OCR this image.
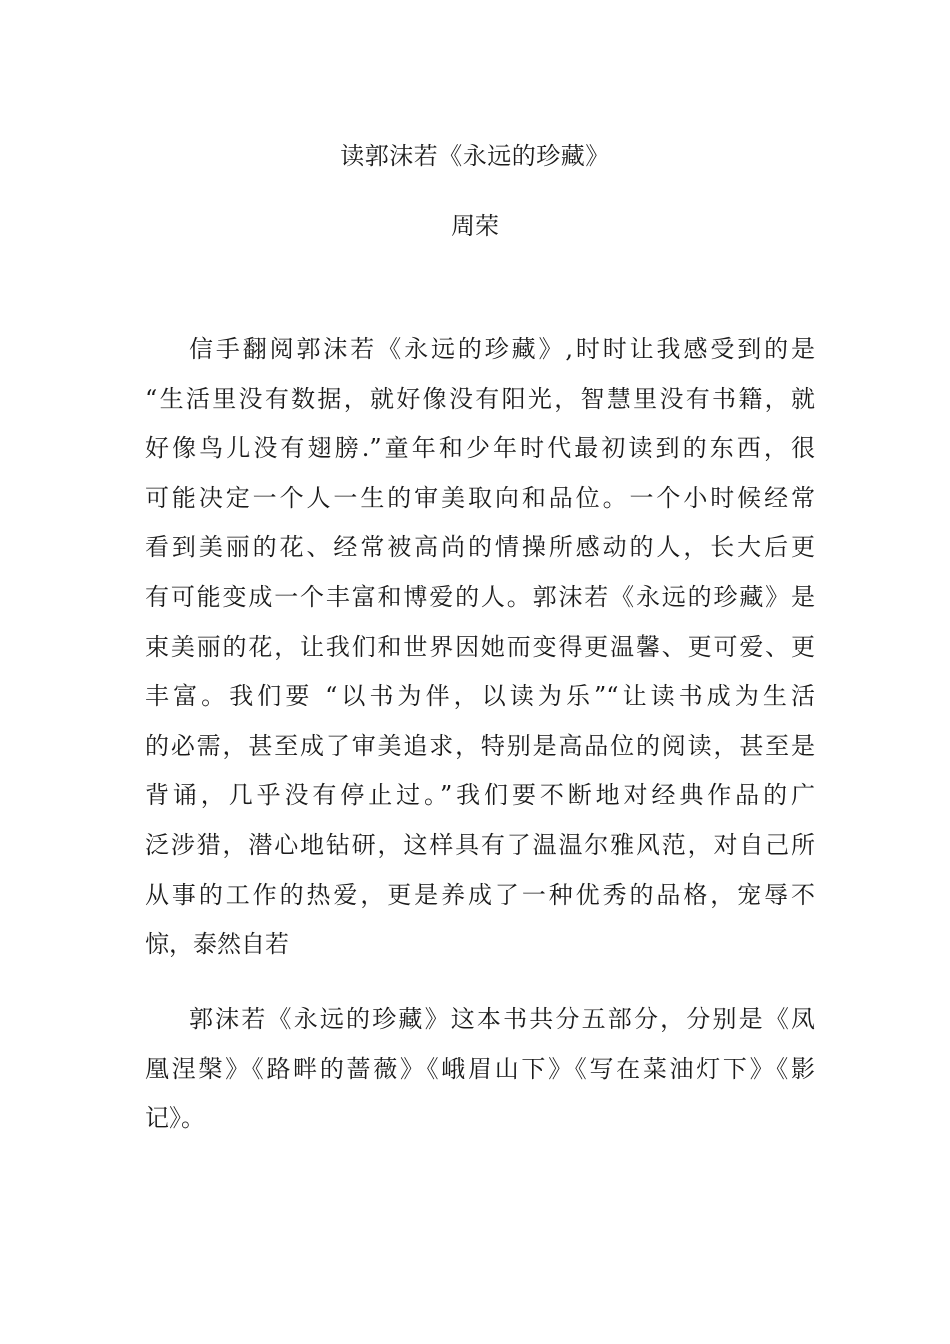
读郭沫若《永远的珍藏》
周荣
信手翻阅郭沫若《永远的珍藏》,时时让我感受到的是
“生活里没有数据，就好像没有阳光，智慧里没有书籍，就
好像鸟儿没有翅膀.”童年和少年时代最初读到的东西，很
可能决定一个人一生的审美取向和品位。一个小时候经常
看到美丽的花、经常被高尚的情操所感动的人，长大后更
有可能变成一个丰富和博爱的人。郭沫若《永远的珍藏》是
束美丽的花，让我们和世界因她而变得更温馨、更可爱、更
丰富。我们要 “以书为伴，以读为乐”“让读书成为生活
的必需，甚至成了审美追求，特别是高品位的阅读，甚至是
背诵，几乎没有停止过。”我们要不断地对经典作品的广
泛涉猎，潜心地钻研，这样具有了温温尔雅风范，对自己所
从事的工作的热爱，更是养成了一种优秀的品格，宠辱不
惊，泰然自若
郭沫若《永远的珍藏》这本书共分五部分，分别是《凤
凰涅槃》《路畔的蔷薇》《峨眉山下》《写在菜油灯下》《影
记》。
